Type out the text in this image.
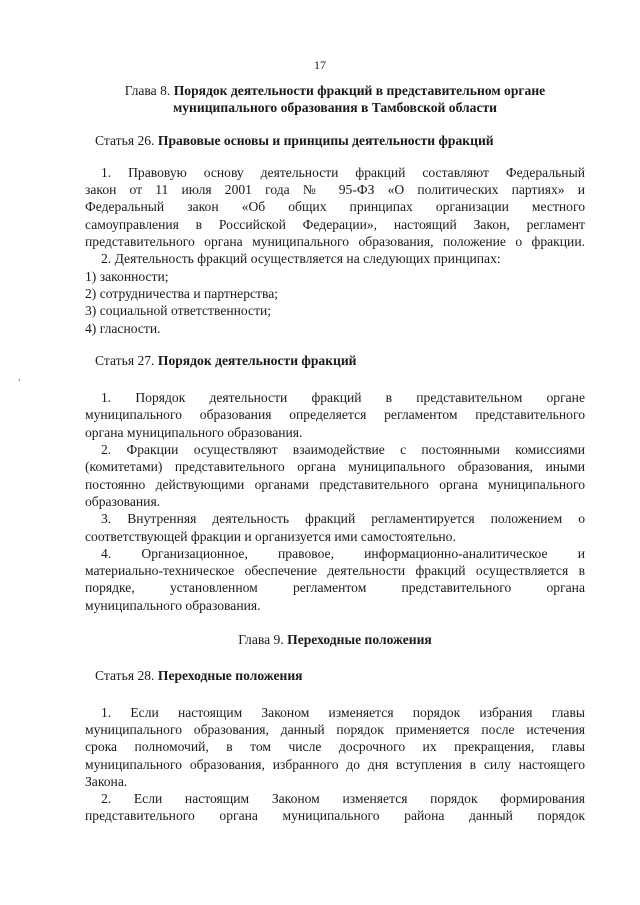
17
,

Глава 8. Порядок деятельности фракций в представительном органе

муниципального образования в Тамбовской области

Статья 26. Правовые основы и принципы деятельности фракций

1. Правовую основу деятельности фракций составляют Федеральный

закон от 11 июля 2001 года № 95-ФЗ «О политических партиях» и

Федеральный закон «Об общих принципах организации местного

самоуправления в Российской Федерации», настоящий Закон, регламент

представительного органа муниципального образования, положение о фракции.

2. Деятельность фракций осуществляется на следующих принципах:

1) законности;

2) сотрудничества и партнерства;

3) социальной ответственности;

4) гласности.

Статья 27. Порядок деятельности фракций

1. Порядок деятельности фракций в представительном органе

муниципального образования определяется регламентом представительного

органа муниципального образования.

2. Фракции осуществляют взаимодействие с постоянными комиссиями

(комитетами) представительного органа муниципального образования, иными

постоянно действующими органами представительного органа муниципального

образования.

3. Внутренняя деятельность фракций регламентируется положением о

соответствующей фракции и организуется ими самостоятельно.

4. Организационное, правовое, информационно-аналитическое и

материально-техническое обеспечение деятельности фракций осуществляется в

порядке, установленном регламентом представительного органа

муниципального образования.

Глава 9. Переходные положения

Статья 28. Переходные положения

1. Если настоящим Законом изменяется порядок избрания главы

муниципального образования, данный порядок применяется после истечения

срока полномочий, в том числе досрочного их прекращения, главы

муниципального образования, избранного до дня вступления в силу настоящего

Закона.

2. Если настоящим Законом изменяется порядок формирования

представительного органа муниципального района данный порядок
